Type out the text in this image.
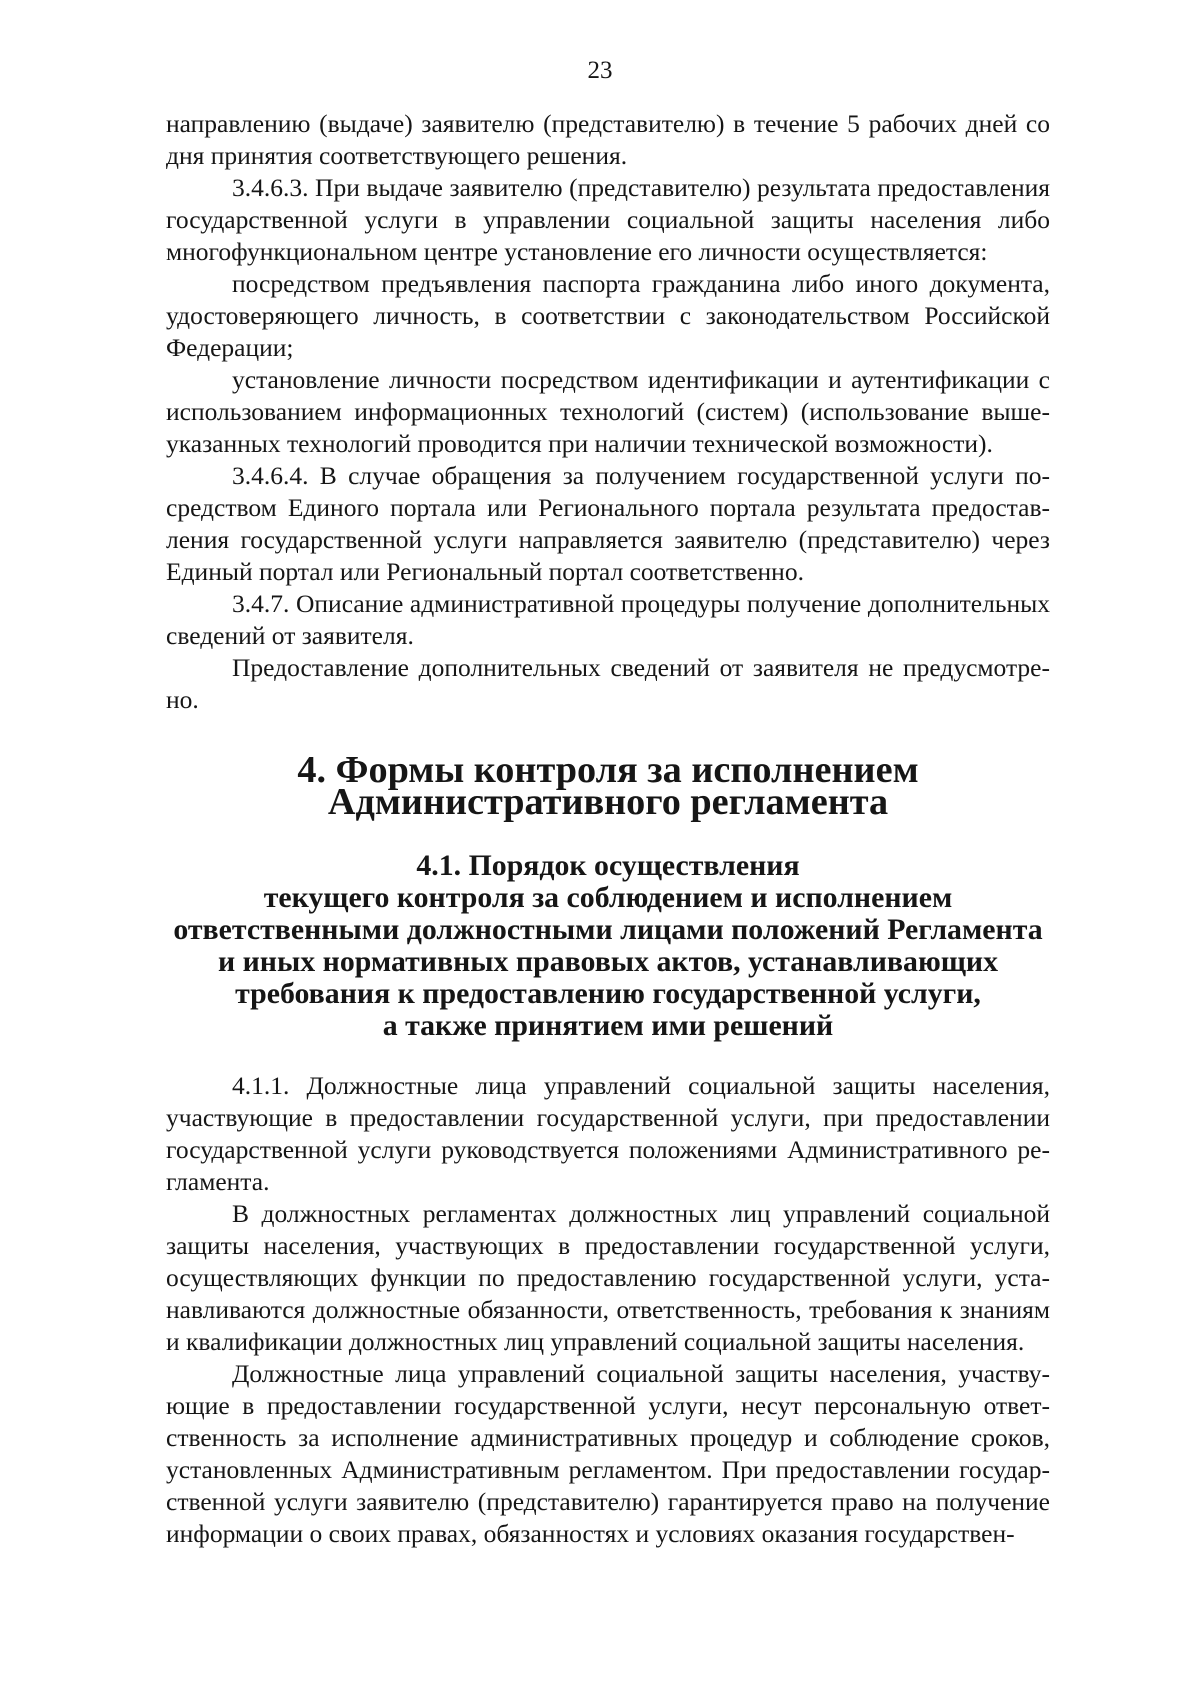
23

направлению (выдаче) заявителю (представителю) в течение 5 рабочих дней со дня принятия соответствующего решения.

3.4.6.3. При выдаче заявителю (представителю) результата предоставления государственной услуги в управлении социальной защиты населения либо многофункциональном центре установление его личности осуществляется:

посредством предъявления паспорта гражданина либо иного документа, удостоверяющего личность, в соответствии с законодательством Российской Федерации;

установление личности посредством идентификации и аутентификации с использованием информационных технологий (систем) (использование вышеуказанных технологий проводится при наличии технической возможности).

3.4.6.4. В случае обращения за получением государственной услуги посредством Единого портала или Регионального портала результата предоставления государственной услуги направляется заявителю (представителю) через Единый портал или Региональный портал соответственно.

3.4.7. Описание административной процедуры получение дополнительных сведений от заявителя.

Предоставление дополнительных сведений от заявителя не предусмотрено.

4. Формы контроля за исполнением
Административного регламента
4.1. Порядок осуществления
текущего контроля за соблюдением и исполнением
ответственными должностными лицами положений Регламента
и иных нормативных правовых актов, устанавливающих
требования к предоставлению государственной услуги,
а также принятием ими решений

4.1.1. Должностные лица управлений социальной защиты населения, участвующие в предоставлении государственной услуги, при предоставлении государственной услуги руководствуется положениями Административного регламента.

В должностных регламентах должностных лиц управлений социальной защиты населения, участвующих в предоставлении государственной услуги, осуществляющих функции по предоставлению государственной услуги, устанавливаются должностные обязанности, ответственность, требования к знаниям и квалификации должностных лиц управлений социальной защиты населения.

Должностные лица управлений социальной защиты населения, участвующие в предоставлении государственной услуги, несут персональную ответственность за исполнение административных процедур и соблюдение сроков, установленных Административным регламентом. При предоставлении государственной услуги заявителю (представителю) гарантируется право на получение информации о своих правах, обязанностях и условиях оказания государствен-
